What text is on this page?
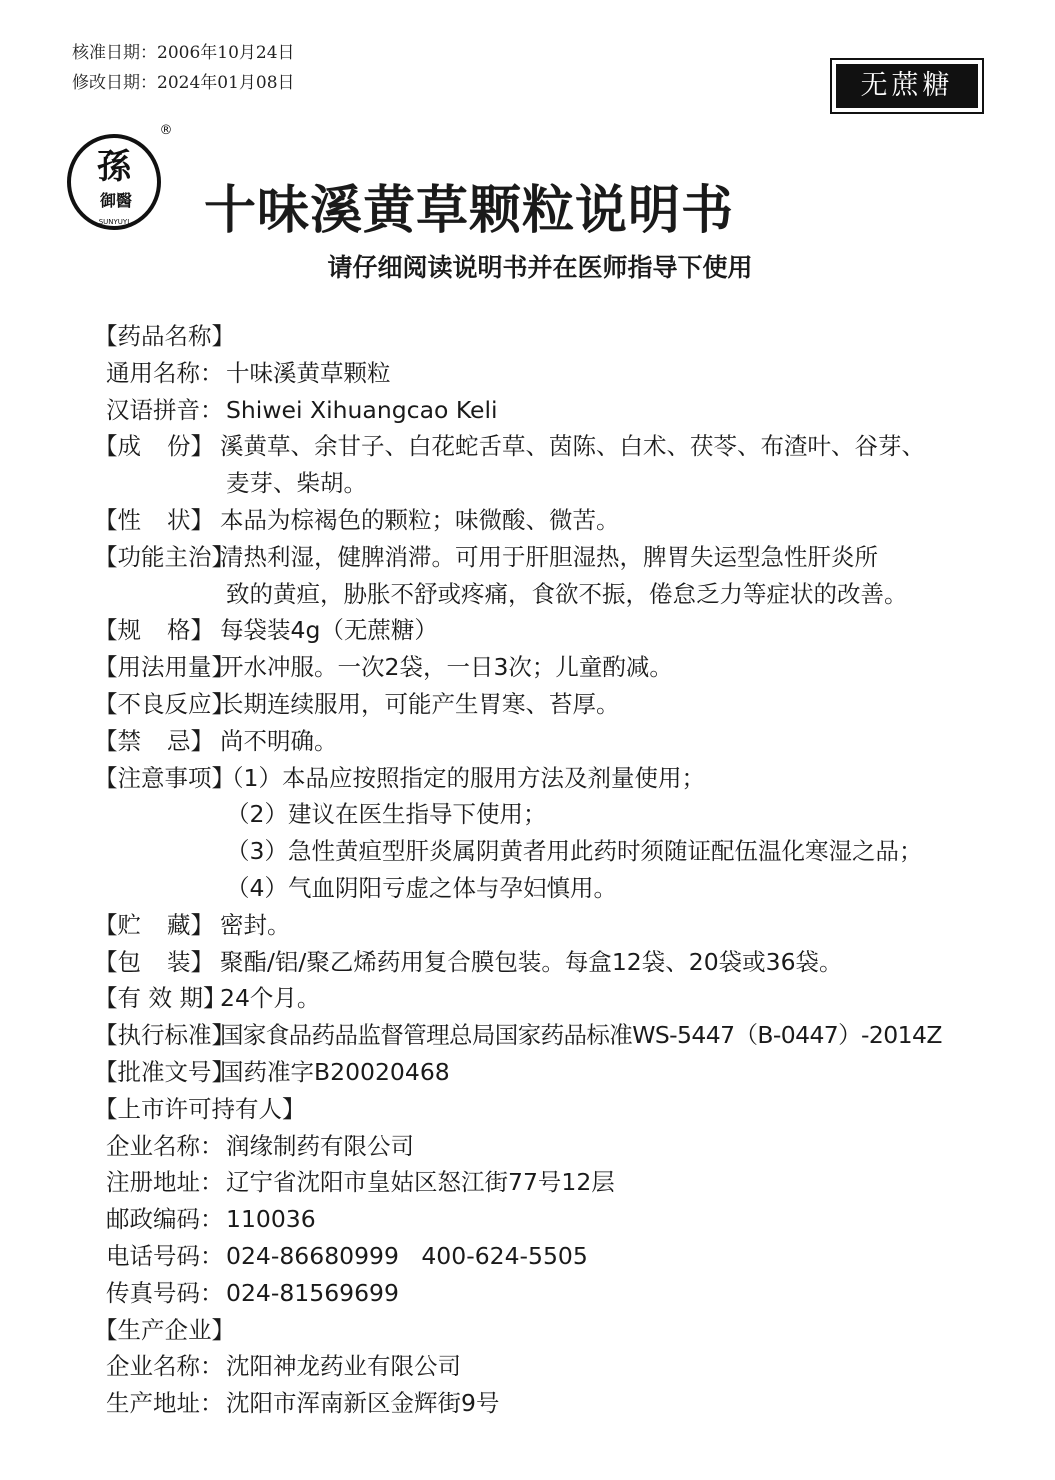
核准日期：2006年10月24日
修改日期：2024年01月08日	无蔗糖
孫
御醫
SUNYUYI
®
十味溪黄草颗粒说明书
请仔细阅读说明书并在医师指导下使用
【药品名称】
通用名称： 十味溪黄草颗粒
汉语拼音： Shiwei Xihuangcao Keli
【成 份】 溪黄草、余甘子、白花蛇舌草、茵陈、白术、茯苓、布渣叶、谷芽、
麦芽、柴胡。
【性 状】 本品为棕褐色的颗粒；味微酸、微苦。
【功能主治】
清热利湿，健脾消滞。可用于肝胆湿热，脾胃失运型急性肝炎所
致的黄疸，胁胀不舒或疼痛，食欲不振，倦怠乏力等症状的改善。
【规 格】 每袋装4g（无蔗糖）
【用法用量】
开水冲服。一次2袋，一日3次；儿童酌减。
【不良反应】
长期连续服用，可能产生胃寒、苔厚。
【禁 忌】 尚不明确。
【注意事项】
（1）本品应按照指定的服用方法及剂量使用；
（2）建议在医生指导下使用；
（3）急性黄疸型肝炎属阴黄者用此药时须随证配伍温化寒湿之品；
（4）气血阴阳亏虚之体与孕妇慎用。
【贮 藏】 密封。
【包 装】 聚酯/铝/聚乙烯药用复合膜包装。每盒12袋、20袋或36袋。
【有 效 期】
24个月。
【执行标准】
国家食品药品监督管理总局国家药品标准WS-5447（B-0447）-2014Z
【批准文号】
国药准字B20020468
【上市许可持有人】
企业名称： 润缘制药有限公司
注册地址： 辽宁省沈阳市皇姑区怒江街77号12层
邮政编码： 110036
电话号码： 024-86680999   400-624-5505
传真号码： 024-81569699
【生产企业】
企业名称： 沈阳神龙药业有限公司
生产地址： 沈阳市浑南新区金辉街9号
